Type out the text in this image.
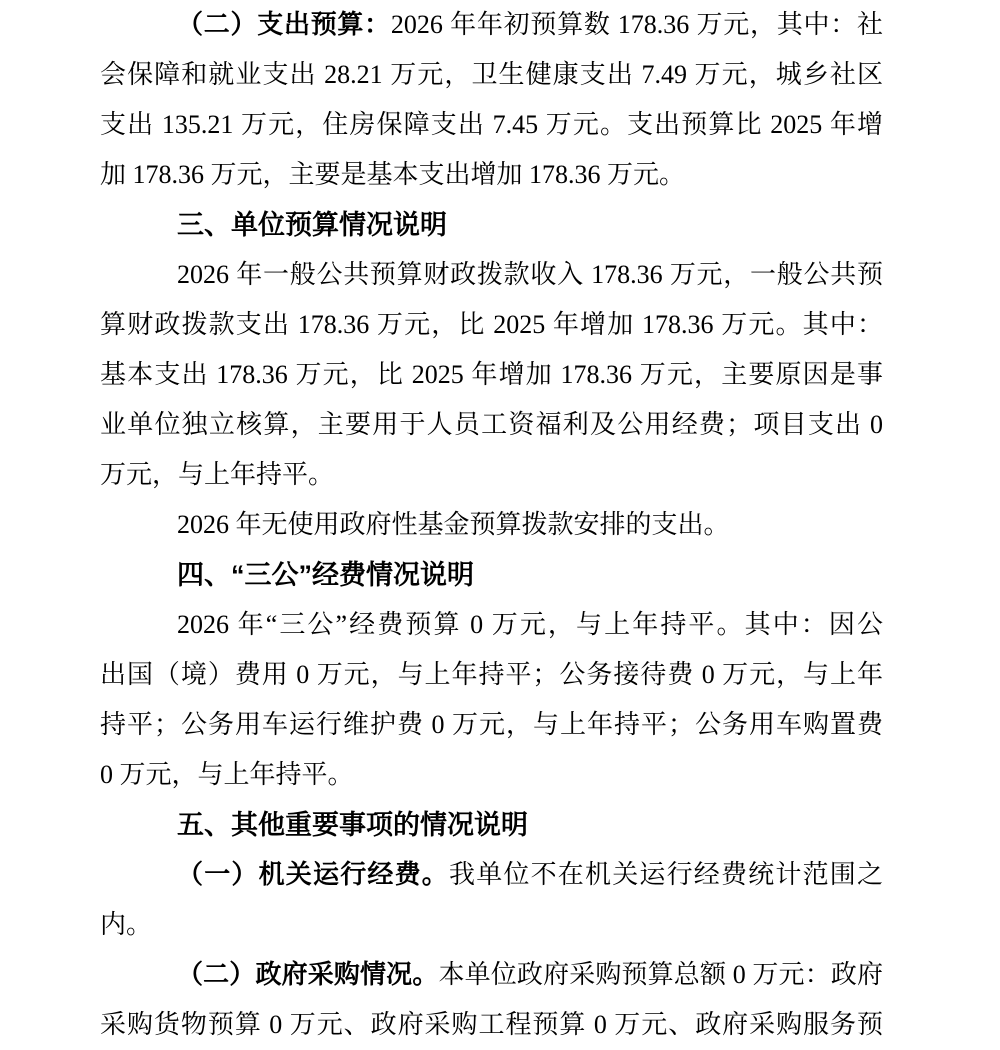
（二）支出预算：2026 年年初预算数 178.36 万元，其中：社
会保障和就业支出 28.21 万元，卫生健康支出 7.49 万元，城乡社区
支出 135.21 万元，住房保障支出 7.45 万元。支出预算比 2025 年增
加 178.36 万元，主要是基本支出增加 178.36 万元。
三、单位预算情况说明
2026 年一般公共预算财政拨款收入 178.36 万元，一般公共预
算财政拨款支出 178.36 万元，比 2025 年增加 178.36 万元。其中：
基本支出 178.36 万元，比 2025 年增加 178.36 万元，主要原因是事
业单位独立核算，主要用于人员工资福利及公用经费；项目支出 0
万元，与上年持平。
2026 年无使用政府性基金预算拨款安排的支出。
四、“三公”经费情况说明
2026 年“三公”经费预算 0 万元，与上年持平。其中：因公
出国（境）费用 0 万元，与上年持平；公务接待费 0 万元，与上年
持平；公务用车运行维护费 0 万元，与上年持平；公务用车购置费
0 万元，与上年持平。
五、其他重要事项的情况说明
（一）机关运行经费。我单位不在机关运行经费统计范围之
内。
（二）政府采购情况。本单位政府采购预算总额 0 万元：政府
采购货物预算 0 万元、政府采购工程预算 0 万元、政府采购服务预
